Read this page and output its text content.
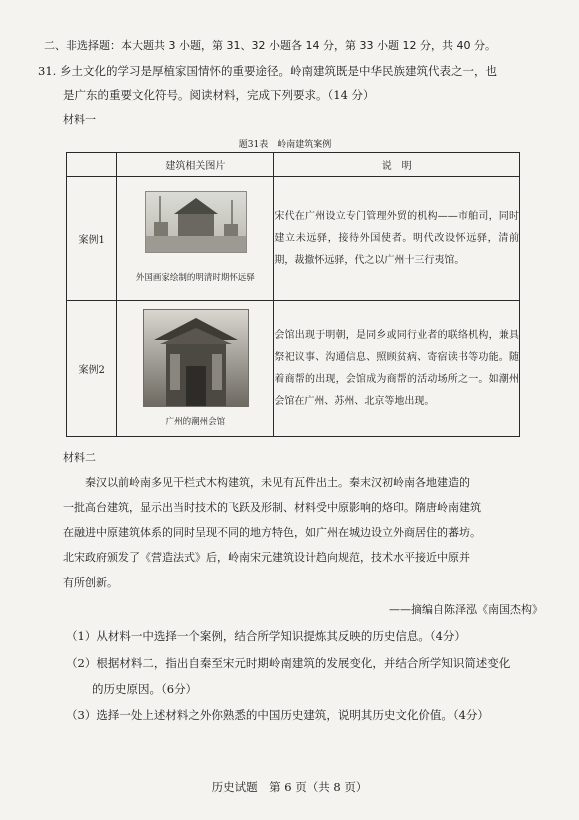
二、非选择题：本大题共 3 小题，第 31、32 小题各 14 分，第 33 小题 12 分，共 40 分。
31. 乡土文化的学习是厚植家国情怀的重要途径。岭南建筑既是中华民族建筑代表之一，也
是广东的重要文化符号。阅读材料，完成下列要求。（14 分）
材料一
题31表　岭南建筑案例
	建筑相关图片	说　明
案例1	外国画家绘制的明清时期怀远驿	宋代在广州设立专门管理外贸的机构——市舶司，同时建立未远驿，接待外国使者。明代改设怀远驿，清前期，裁撤怀远驿，代之以广州十三行夷馆。
案例2	广州的潮州会馆	会馆出现于明朝，是同乡或同行业者的联络机构，兼具祭祀议事、沟通信息、照顾贫病、寄宿读书等功能。随着商帮的出现，会馆成为商帮的活动场所之一。如潮州会馆在广州、苏州、北京等地出现。
材料二
秦汉以前岭南多见干栏式木构建筑，未见有瓦件出土。秦末汉初岭南各地建造的
一批高台建筑，显示出当时技术的飞跃及形制、材料受中原影响的烙印。隋唐岭南建筑
在融进中原建筑体系的同时呈现不同的地方特色，如广州在城边设立外商居住的蕃坊。
北宋政府颁发了《营造法式》后，岭南宋元建筑设计趋向规范，技术水平接近中原并
有所创新。
——摘编自陈泽泓《南国杰构》
（1）从材料一中选择一个案例，结合所学知识提炼其反映的历史信息。（4分）
（2）根据材料二，指出自秦至宋元时期岭南建筑的发展变化，并结合所学知识简述变化
的历史原因。（6分）
（3）选择一处上述材料之外你熟悉的中国历史建筑，说明其历史文化价值。（4分）
历史试题　第 6 页（共 8 页）
